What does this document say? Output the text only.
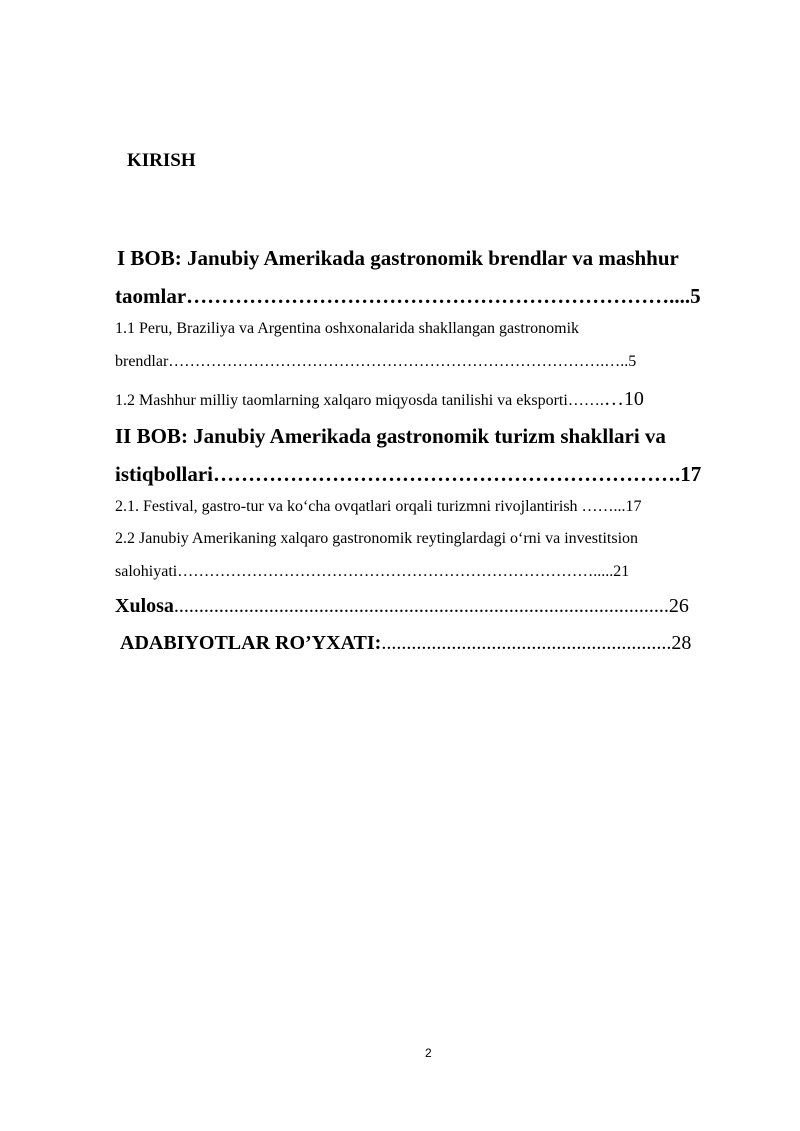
KIRISH
I BOB: Janubiy Amerikada gastronomik brendlar va mashhur
taomlar……………………………………………………………....5
1.1 Peru, Braziliya va Argentina oshxonalarida shakllangan gastronomik
brendlar……………………………………………………………………….…..5
1.2 Mashhur milliy taomlarning xalqaro miqyosda tanilishi va eksporti…….…10
II BOB: Janubiy Amerikada gastronomik turizm shakllari va
istiqbollari………………………………………………………….17
2.1. Festival, gastro-tur va ko‘cha ovqatlari orqali turizmni rivojlantirish ……...17
2.2 Janubiy Amerikaning xalqaro gastronomik reytinglardagi o‘rni va investitsion
salohiyati…………………………………………………………………….....21
Xulosa...................................................................................................26
ADABIYOTLAR RO’YXATI:..........................................................28
2
